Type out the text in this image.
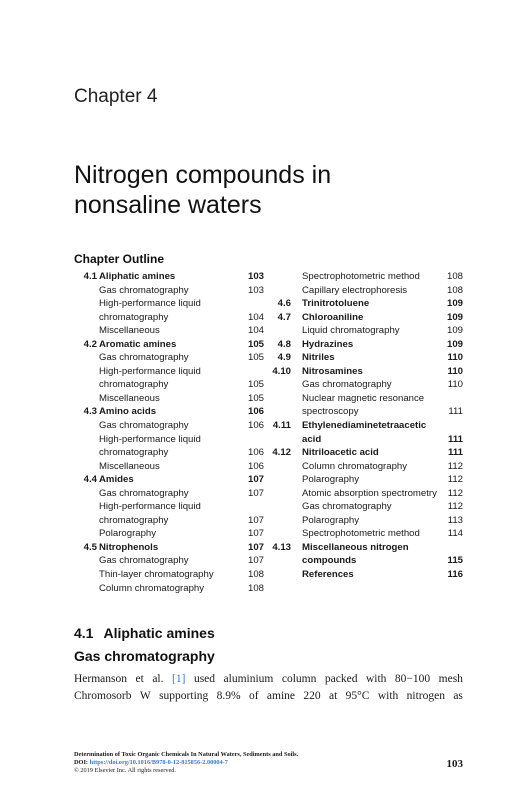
Chapter 4
Nitrogen compounds in
nonsaline waters
Chapter Outline
4.1 Aliphatic amines	103
Gas chromatography	103
High-performance liquid
chromatography	104
Miscellaneous	104
4.2 Aromatic amines	105
Gas chromatography	105
High-performance liquid
chromatography	105
Miscellaneous	105
4.3 Amino acids	106
Gas chromatography	106
High-performance liquid
chromatography	106
Miscellaneous	106
4.4 Amides	107
Gas chromatography	107
High-performance liquid
chromatography	107
Polarography	107
4.5 Nitrophenols	107
Gas chromatography	107
Thin-layer chromatography	108
Column chromatography	108
Spectrophotometric method	108
Capillary electrophoresis	108
4.6 Trinitrotoluene	109
4.7 Chloroaniline	109
Liquid chromatography	109
4.8 Hydrazines	109
4.9 Nitriles	110
4.10 Nitrosamines	110
Gas chromatography	110
Nuclear magnetic resonance
spectroscopy	111
4.11 Ethylenediaminetetraacetic
acid	111
4.12 Nitriloacetic acid	111
Column chromatography	112
Polarography	112
Atomic absorption spectrometry 112
Gas chromatography	112
Polarography	113
Spectrophotometric method	114
4.13 Miscellaneous nitrogen
compounds	115
References	116
4.1 Aliphatic amines
Gas chromatography
Hermanson et al. [1] used aluminium column packed with 80−100 mesh
Chromosorb W supporting 8.9% of amine 220 at 95°C with nitrogen as
Determination of Toxic Organic Chemicals In Natural Waters, Sediments and Soils.
DOI: https://doi.org/10.1016/B978-0-12-815856-2.00004-7
© 2019 Elsevier Inc. All rights reserved.
103
